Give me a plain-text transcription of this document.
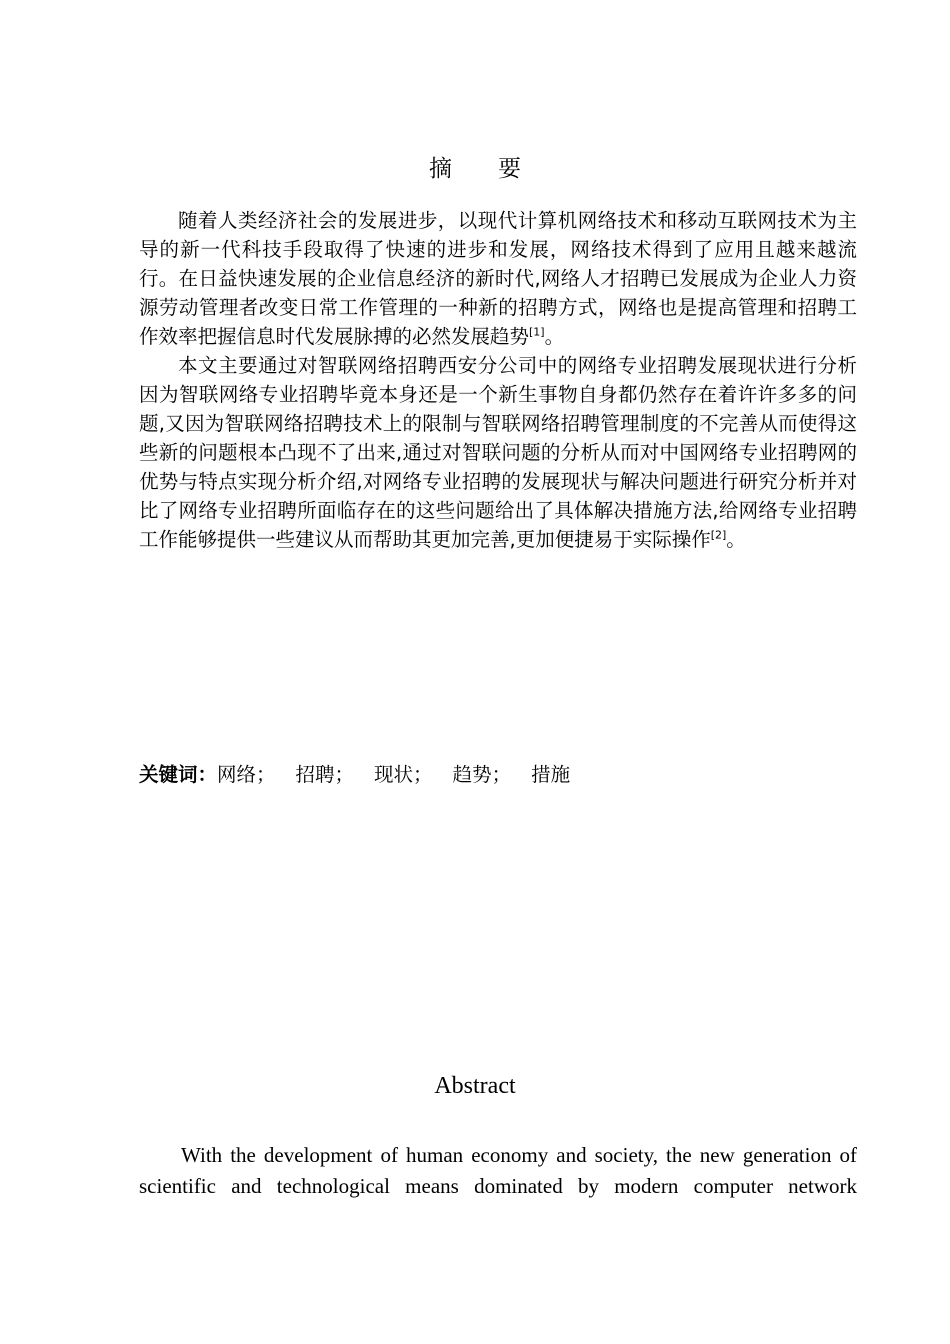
摘 要

随着人类经济社会的发展进步，以现代计算机网络技术和移动互联网技术为主导的新一代科技手段取得了快速的进步和发展，网络技术得到了应用且越来越流行。在日益快速发展的企业信息经济的新时代,网络人才招聘已发展成为企业人力资源劳动管理者改变日常工作管理的一种新的招聘方式，网络也是提高管理和招聘工作效率把握信息时代发展脉搏的必然发展趋势[1]。

本文主要通过对智联网络招聘西安分公司中的网络专业招聘发展现状进行分析因为智联网络专业招聘毕竟本身还是一个新生事物自身都仍然存在着许许多多的问题,又因为智联网络招聘技术上的限制与智联网络招聘管理制度的不完善从而使得这些新的问题根本凸现不了出来,通过对智联问题的分析从而对中国网络专业招聘网的优势与特点实现分析介绍,对网络专业招聘的发展现状与解决问题进行研究分析并对比了网络专业招聘所面临存在的这些问题给出了具体解决措施方法,给网络专业招聘工作能够提供一些建议从而帮助其更加完善,更加便捷易于实际操作[2]。

关键词：网络； 招聘； 现状； 趋势； 措施
Abstract

With the development of human economy and society, the new generation of scientific and technological means dominated by modern computer network
